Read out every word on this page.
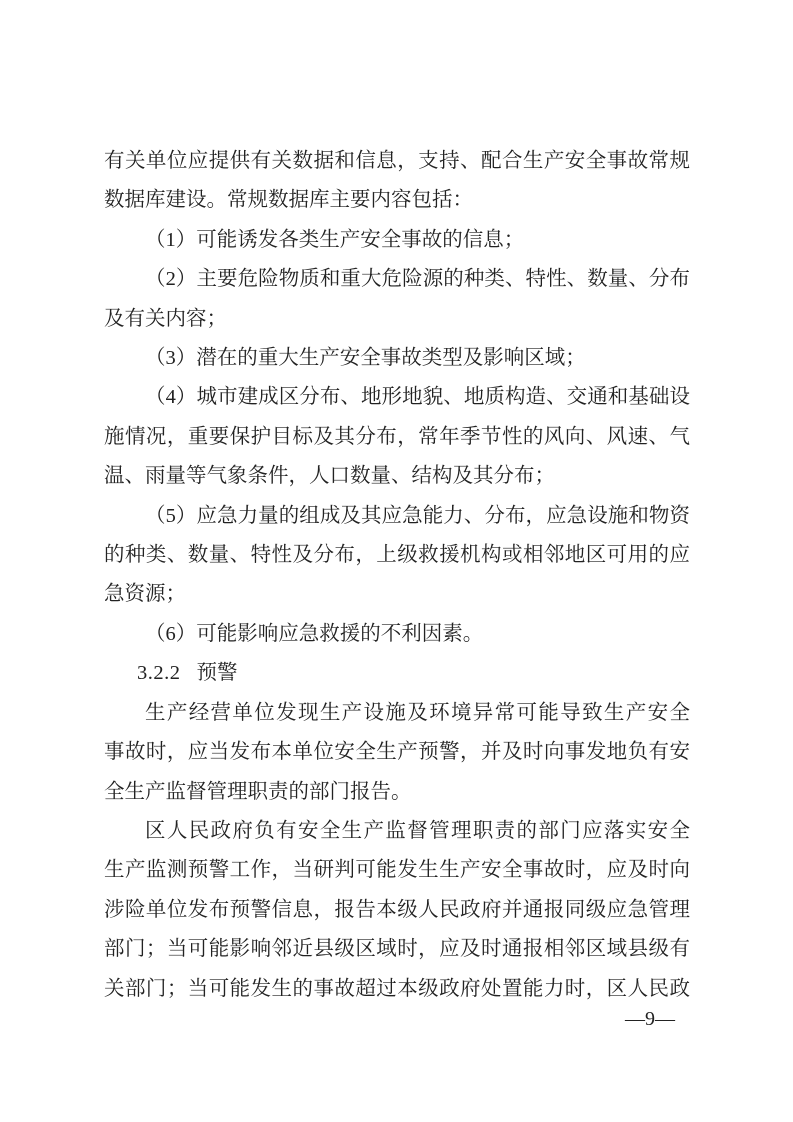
有关单位应提供有关数据和信息，支持、配合生产安全事故常规
数据库建设。常规数据库主要内容包括：

（1）可能诱发各类生产安全事故的信息；

（2）主要危险物质和重大危险源的种类、特性、数量、分布
及有关内容；

（3）潜在的重大生产安全事故类型及影响区域；

（4）城市建成区分布、地形地貌、地质构造、交通和基础设
施情况，重要保护目标及其分布，常年季节性的风向、风速、气
温、雨量等气象条件，人口数量、结构及其分布；

（5）应急力量的组成及其应急能力、分布，应急设施和物资
的种类、数量、特性及分布，上级救援机构或相邻地区可用的应
急资源；

（6）可能影响应急救援的不利因素。

3.2.2 预警

生产经营单位发现生产设施及环境异常可能导致生产安全
事故时，应当发布本单位安全生产预警，并及时向事发地负有安
全生产监督管理职责的部门报告。

区人民政府负有安全生产监督管理职责的部门应落实安全
生产监测预警工作，当研判可能发生生产安全事故时，应及时向
涉险单位发布预警信息，报告本级人民政府并通报同级应急管理
部门；当可能影响邻近县级区域时，应及时通报相邻区域县级有
关部门；当可能发生的事故超过本级政府处置能力时，区人民政

—9—
